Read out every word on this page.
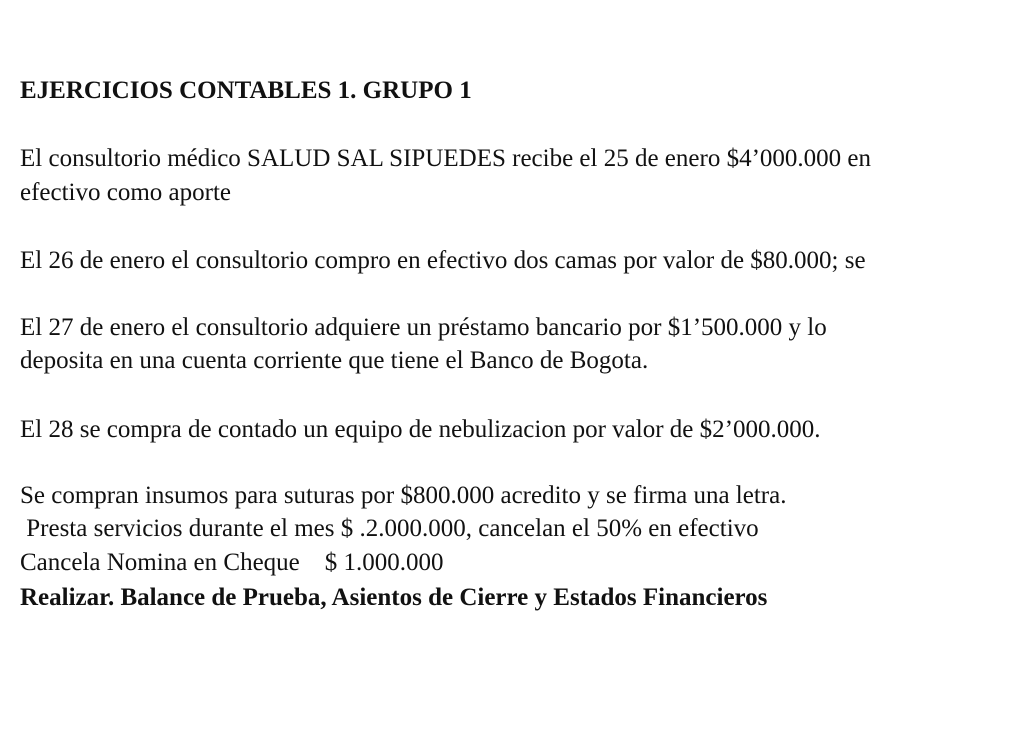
EJERCICIOS CONTABLES 1. GRUPO 1

El consultorio médico SALUD SAL SIPUEDES recibe el 25 de enero $4’000.000 en

efectivo como aporte

El 26 de enero el consultorio compro en efectivo dos camas por valor de $80.000; se

El 27 de enero el consultorio adquiere un préstamo bancario por $1’500.000 y lo

deposita en una cuenta corriente que tiene el Banco de Bogota.

El 28 se compra de contado un equipo de nebulizacion por valor de $2’000.000.

Se compran insumos para suturas por $800.000 acredito y se firma una letra.

Presta servicios durante el mes $ .2.000.000, cancelan el 50% en efectivo

Cancela Nomina en Cheque    $ 1.000.000

Realizar. Balance de Prueba, Asientos de Cierre y Estados Financieros
